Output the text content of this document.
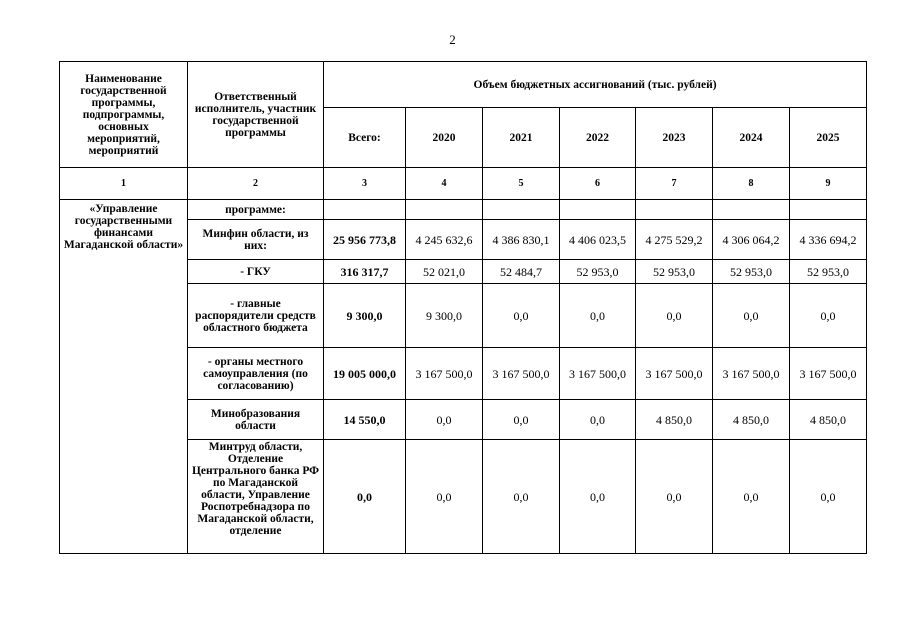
2
Наименование государственной программы, подпрограммы, основных мероприятий, мероприятий	Ответственный исполнитель, участник государственной программы	Объем бюджетных ассигнований (тыс. рублей)						
		Всего:	2020	2021	2022	2023	2024	2025
1	2	3	4	5	6	7	8	9
«Управление государственными финансами Магаданской области»	программе:							
	Минфин области, из них:	25 956 773,8	4 245 632,6	4 386 830,1	4 406 023,5	4 275 529,2	4 306 064,2	4 336 694,2
	- ГКУ	316 317,7	52 021,0	52 484,7	52 953,0	52 953,0	52 953,0	52 953,0
	- главные распорядители средств областного бюджета	9 300,0	9 300,0	0,0	0,0	0,0	0,0	0,0
	- органы местного самоуправления (по согласованию)	19 005 000,0	3 167 500,0	3 167 500,0	3 167 500,0	3 167 500,0	3 167 500,0	3 167 500,0
	Минобразования области	14 550,0	0,0	0,0	0,0	4 850,0	4 850,0	4 850,0
	Минтруд области, Отделение Центрального банка РФ по Магаданской области, Управление Роспотребнадзора по Магаданской области, отделение	0,0	0,0	0,0	0,0	0,0	0,0	0,0
